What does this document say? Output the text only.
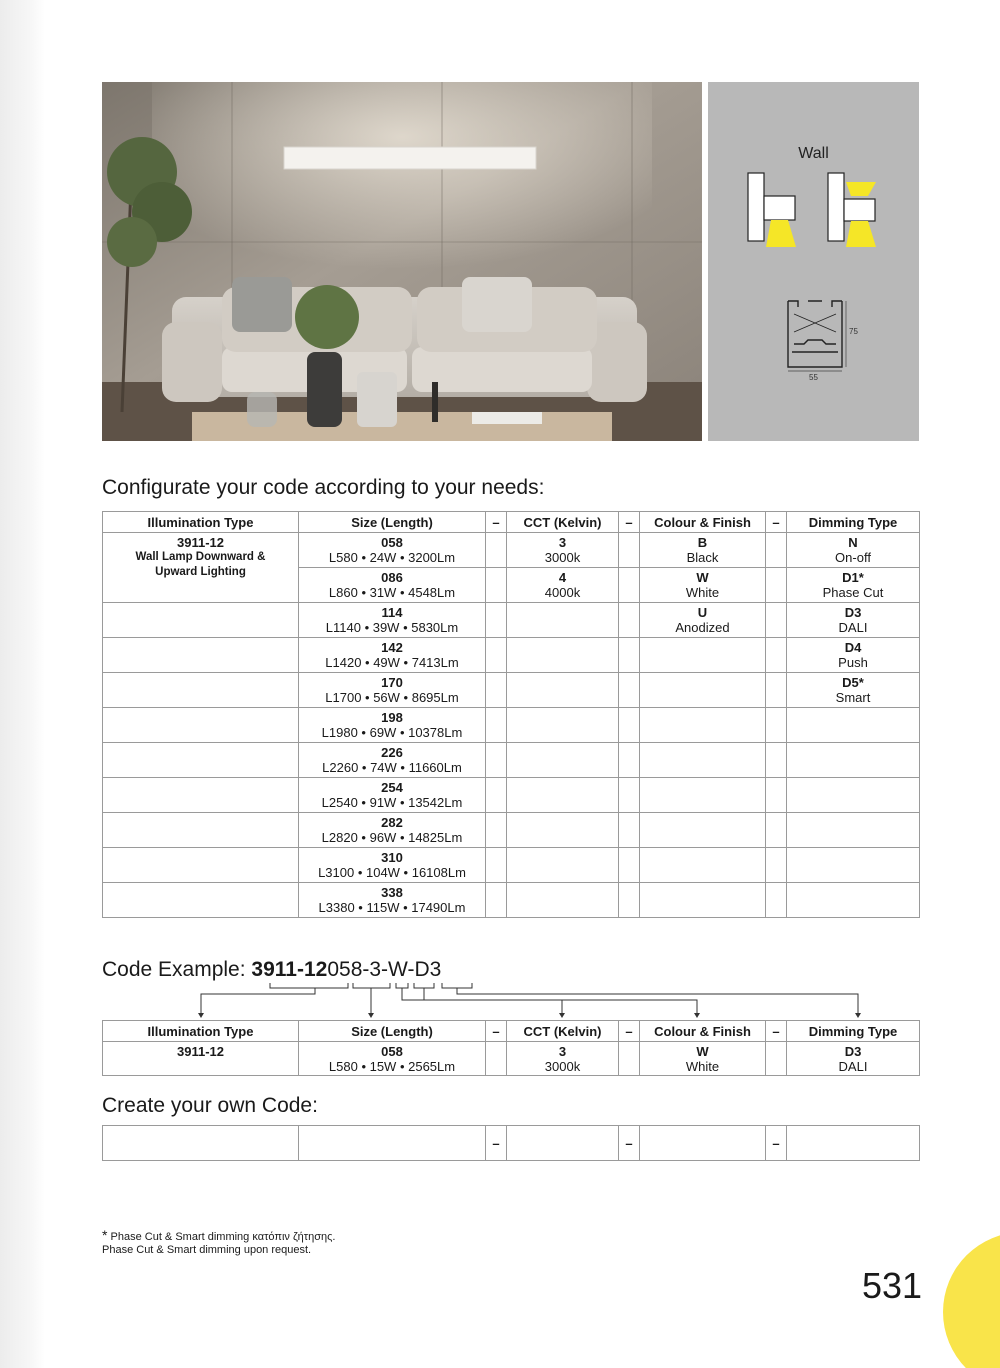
Wall
75
55
Configurate your code according to your needs:
Illumination Type	Size (Length)	–	CCT (Kelvin)	–	Colour & Finish	–	Dimming Type

3911-12
Wall Lamp Downward &
Upward Lighting	058
L580 • 24W • 3200Lm		3
3000k		B
Black		N
On-off

	086
L860 • 31W • 4548Lm		4
4000k		W
White		D1*
Phase Cut

	114
L1140 • 39W • 5830Lm				U
Anodized		D3
DALI

	142
L1420 • 49W • 7413Lm						D4
Push

	170
L1700 • 56W • 8695Lm						D5*
Smart

	198
L1980 • 69W • 10378Lm						

	226
L2260 • 74W • 11660Lm						

	254
L2540 • 91W • 13542Lm						

	282
L2820 • 96W • 14825Lm						

	310
L3100 • 104W • 16108Lm						

	338
L3380 • 115W • 17490Lm						

Code Example: 3911-12058-3-W-D3
Illumination Type	Size (Length)	–	CCT (Kelvin)	–	Colour & Finish	–	Dimming Type

3911-12	058
L580 • 15W • 2565Lm		3
3000k		W
White		D3
DALI
Create your own Code:
		–		–		–	
* Phase Cut & Smart dimming κατόπιν ζήτησης.
Phase Cut & Smart dimming upon request.
531
